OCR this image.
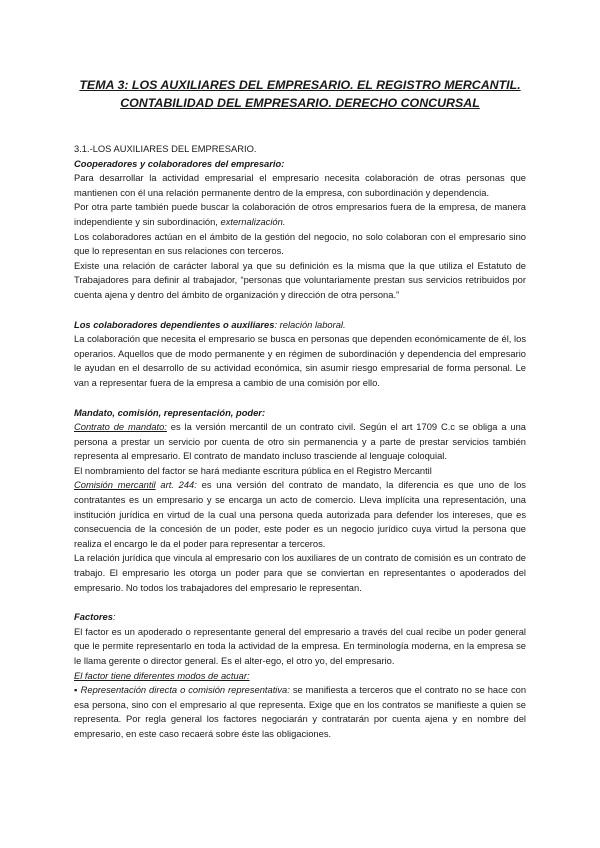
TEMA 3: LOS AUXILIARES DEL EMPRESARIO. EL REGISTRO MERCANTIL.
CONTABILIDAD DEL EMPRESARIO. DERECHO CONCURSAL

3.1.-LOS AUXILIARES DEL EMPRESARIO.

Cooperadores y colaboradores del empresario:

Para desarrollar la actividad empresarial el empresario necesita colaboración de otras personas que mantienen con él una relación permanente dentro de la empresa, con subordinación y dependencia.

Por otra parte también puede buscar la colaboración de otros empresarios fuera de la empresa, de manera independiente y sin subordinación, externalización.

Los colaboradores actúan en el ámbito de la gestión del negocio, no solo colaboran con el empresario sino que lo representan en sus relaciones con terceros.

Existe una relación de carácter laboral ya que su definición es la misma que la que utiliza el Estatuto de Trabajadores para definir al trabajador, “personas que voluntariamente prestan sus servicios retribuidos por cuenta ajena y dentro del ámbito de organización y dirección de otra persona.”

Los colaboradores dependientes o auxiliares: relación laboral.

La colaboración que necesita el empresario se busca en personas que dependen económicamente de él, los operarios. Aquellos que de modo permanente y en régimen de subordinación y dependencia del empresario le ayudan en el desarrollo de su actividad económica, sin asumir riesgo empresarial de forma personal. Le van a representar fuera de la empresa a cambio de una comisión por ello.

Mandato, comisión, representación, poder:

Contrato de mandato: es la versión mercantil de un contrato civil. Según el art 1709 C.c se obliga a una persona a prestar un servicio por cuenta de otro sin permanencia y a parte de prestar servicios también representa al empresario. El contrato de mandato incluso trasciende al lenguaje coloquial.

El nombramiento del factor se hará mediante escritura pública en el Registro Mercantil

Comisión mercantil art. 244: es una versión del contrato de mandato, la diferencia es que uno de los contratantes es un empresario y se encarga un acto de comercio. Lleva implícita una representación, una institución jurídica en virtud de la cual una persona queda autorizada para defender los intereses, que es consecuencia de la concesión de un poder, este poder es un negocio jurídico cuya virtud la persona que realiza el encargo le da el poder para representar a terceros.

La relación jurídica que vincula al empresario con los auxiliares de un contrato de comisión es un contrato de trabajo. El empresario les otorga un poder para que se conviertan en representantes o apoderados del empresario. No todos los trabajadores del empresario le representan.

Factores:

El factor es un apoderado o representante general del empresario a través del cual recibe un poder general que le permite representarlo en toda la actividad de la empresa. En terminología moderna, en la empresa se le llama gerente o director general. Es el alter-ego, el otro yo, del empresario.

El factor tiene diferentes modos de actuar:

▪ Representación directa o comisión representativa: se manifiesta a terceros que el contrato no se hace con esa persona, sino con el empresario al que representa. Exige que en los contratos se manifieste a quien se representa. Por regla general los factores negociarán y contratarán por cuenta ajena y en nombre del empresario, en este caso recaerá sobre éste las obligaciones.
